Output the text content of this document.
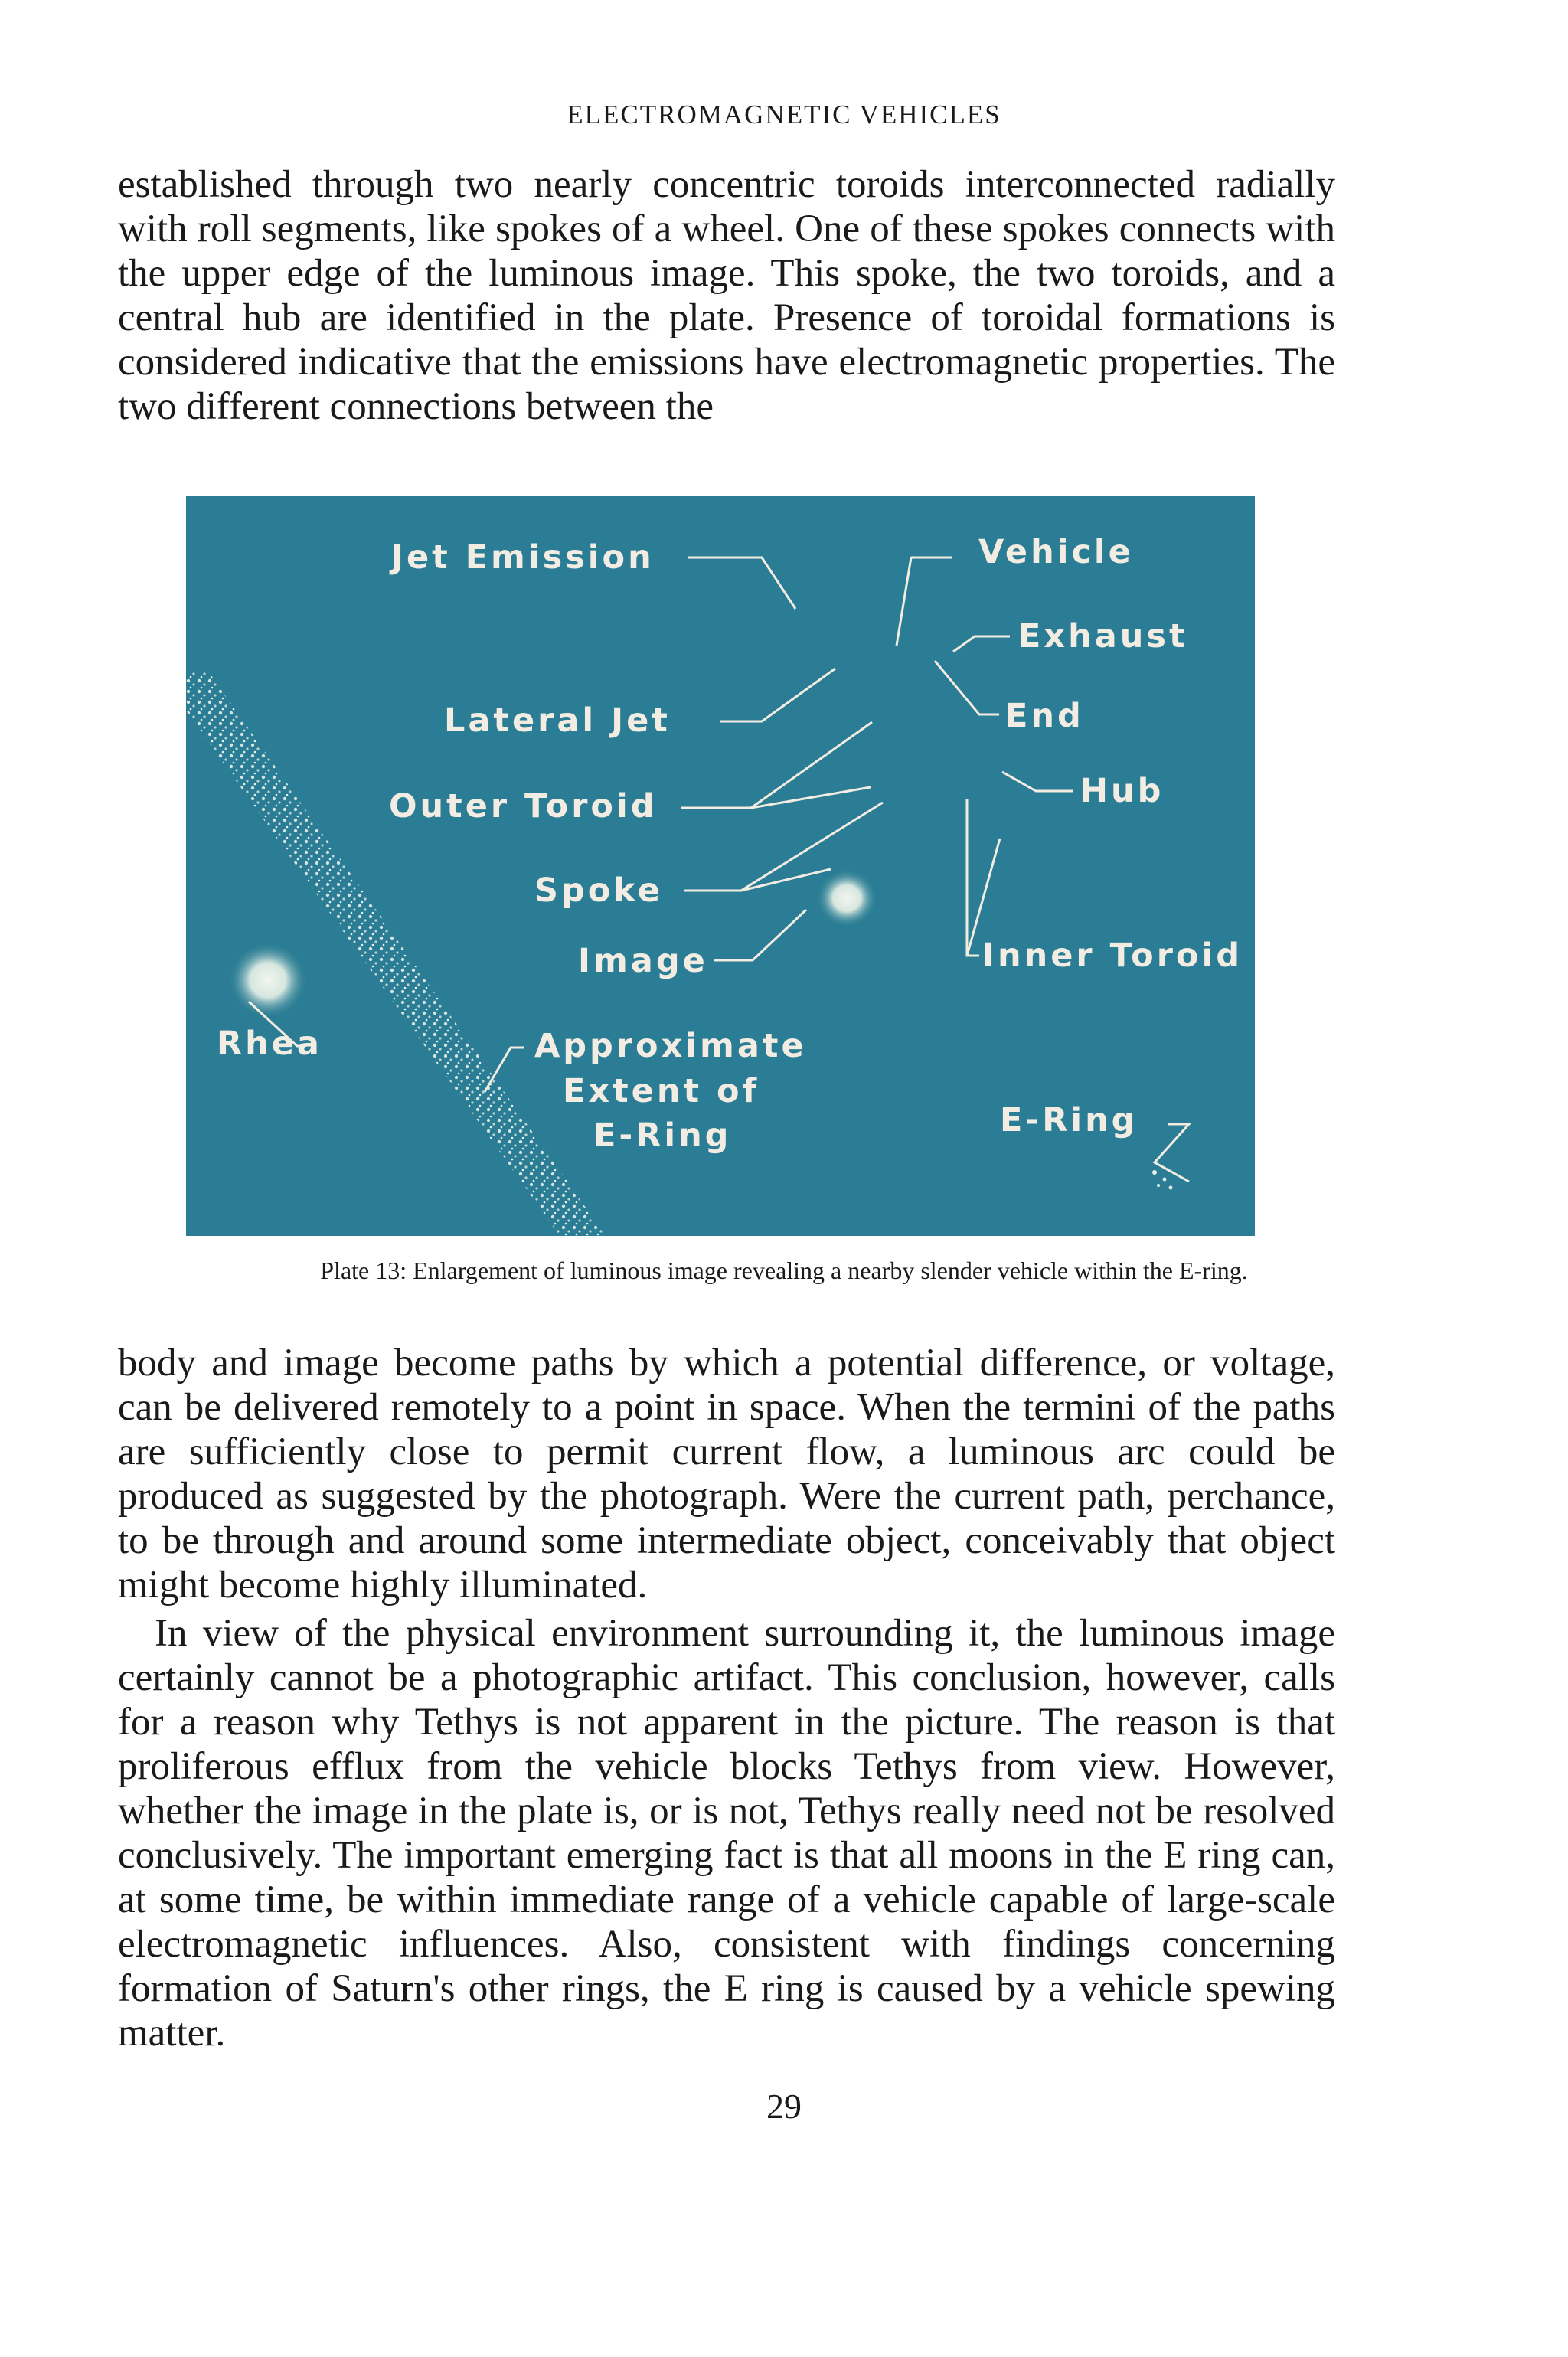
ELECTROMAGNETIC VEHICLES

established through two nearly concentric toroids interconnected radially with roll segments, like spokes of a wheel. One of these spokes connects with the upper edge of the luminous image. This spoke, the two toroids, and a central hub are identified in the plate. Presence of toroidal formations is considered indicative that the emissions have electromagnetic properties. The two different connections between the

Jet Emission	Vehicle
Exhaust
Lateral Jet	End
Outer Toroid	Hub
Spoke
Image	Inner Toroid
Approximate
Extent of
E-Ring
Rhea
E-Ring
Plate 13: Enlargement of luminous image revealing a nearby slender vehicle within the E-ring.

body and image become paths by which a potential difference, or voltage, can be delivered remotely to a point in space. When the termini of the paths are sufficiently close to permit current flow, a luminous arc could be produced as suggested by the photograph. Were the current path, perchance, to be through and around some intermediate object, conceivably that object might become highly illuminated.

In view of the physical environment surrounding it, the luminous image certainly cannot be a photographic artifact. This conclusion, however, calls for a reason why Tethys is not apparent in the picture. The reason is that proliferous efflux from the vehicle blocks Tethys from view. However, whether the image in the plate is, or is not, Tethys really need not be resolved conclusively. The important emerging fact is that all moons in the E ring can, at some time, be within immediate range of a vehicle capable of large-scale electromagnetic influences. Also, consistent with findings concerning formation of Saturn's other rings, the E ring is caused by a vehicle spewing matter.

29
